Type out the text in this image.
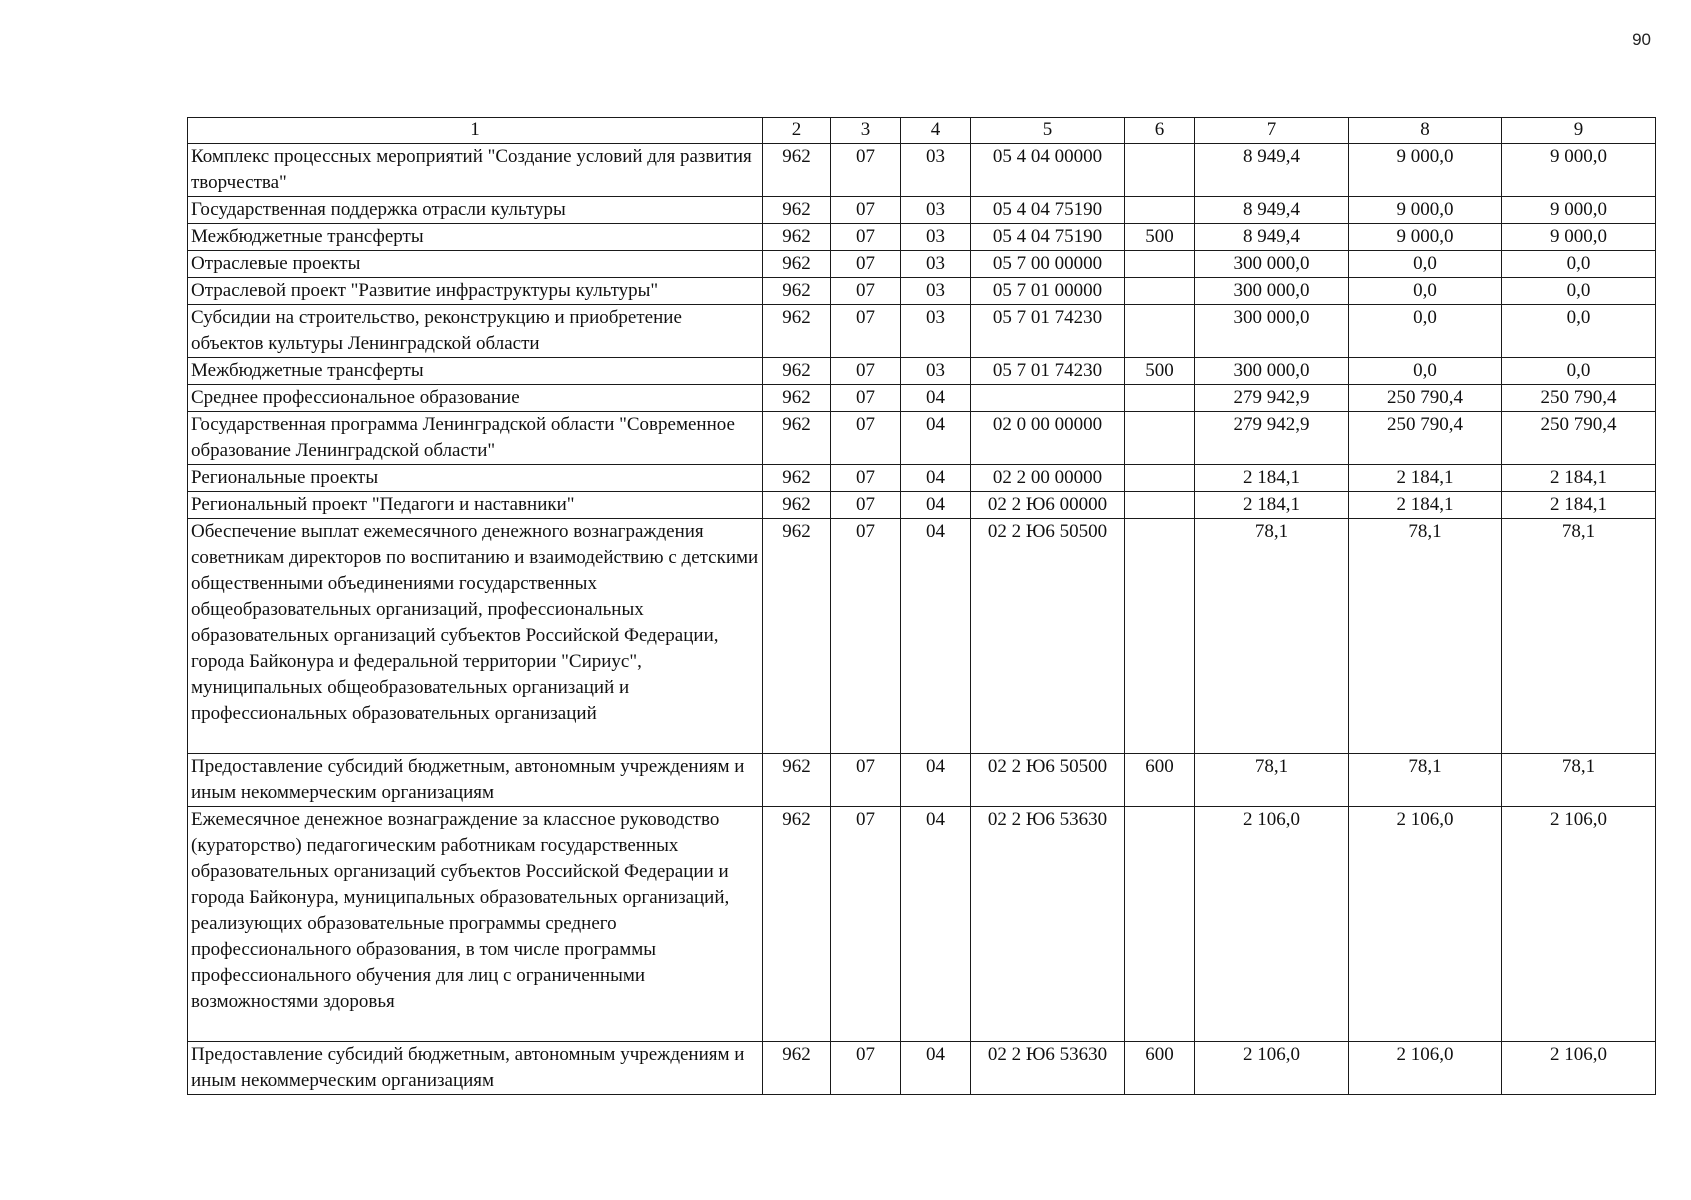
90
1	2	3	4	5	6	7	8	9
Комплекс процессных мероприятий "Создание условий для развития творчества"	962	07	03	05 4 04 00000		8 949,4	9 000,0	9 000,0
Государственная поддержка отрасли культуры	962	07	03	05 4 04 75190		8 949,4	9 000,0	9 000,0
Межбюджетные трансферты	962	07	03	05 4 04 75190	500	8 949,4	9 000,0	9 000,0
Отраслевые проекты	962	07	03	05 7 00 00000		300 000,0	0,0	0,0
Отраслевой проект "Развитие инфраструктуры культуры"	962	07	03	05 7 01 00000		300 000,0	0,0	0,0
Субсидии на строительство, реконструкцию и приобретение объектов культуры Ленинградской области	962	07	03	05 7 01 74230		300 000,0	0,0	0,0
Межбюджетные трансферты	962	07	03	05 7 01 74230	500	300 000,0	0,0	0,0
Среднее профессиональное образование	962	07	04			279 942,9	250 790,4	250 790,4
Государственная программа Ленинградской области "Современное образование Ленинградской области"	962	07	04	02 0 00 00000		279 942,9	250 790,4	250 790,4
Региональные проекты	962	07	04	02 2 00 00000		2 184,1	2 184,1	2 184,1
Региональный проект "Педагоги и наставники"	962	07	04	02 2 Ю6 00000		2 184,1	2 184,1	2 184,1
Обеспечение выплат ежемесячного денежного вознаграждения советникам директоров по воспитанию и взаимодействию с детскими общественными объединениями государственных общеобразовательных организаций, профессиональных образовательных организаций субъектов Российской Федерации, города Байконура и федеральной территории "Сириус", муниципальных общеобразовательных организаций и профессиональных образовательных организаций	962	07	04	02 2 Ю6 50500		78,1	78,1	78,1
Предоставление субсидий бюджетным, автономным учреждениям и иным некоммерческим организациям	962	07	04	02 2 Ю6 50500	600	78,1	78,1	78,1
Ежемесячное денежное вознаграждение за классное руководство (кураторство) педагогическим работникам государственных образовательных организаций субъектов Российской Федерации и города Байконура, муниципальных образовательных организаций, реализующих образовательные программы среднего профессионального образования, в том числе программы профессионального обучения для лиц с ограниченными возможностями здоровья	962	07	04	02 2 Ю6 53630		2 106,0	2 106,0	2 106,0
Предоставление субсидий бюджетным, автономным учреждениям и иным некоммерческим организациям	962	07	04	02 2 Ю6 53630	600	2 106,0	2 106,0	2 106,0
